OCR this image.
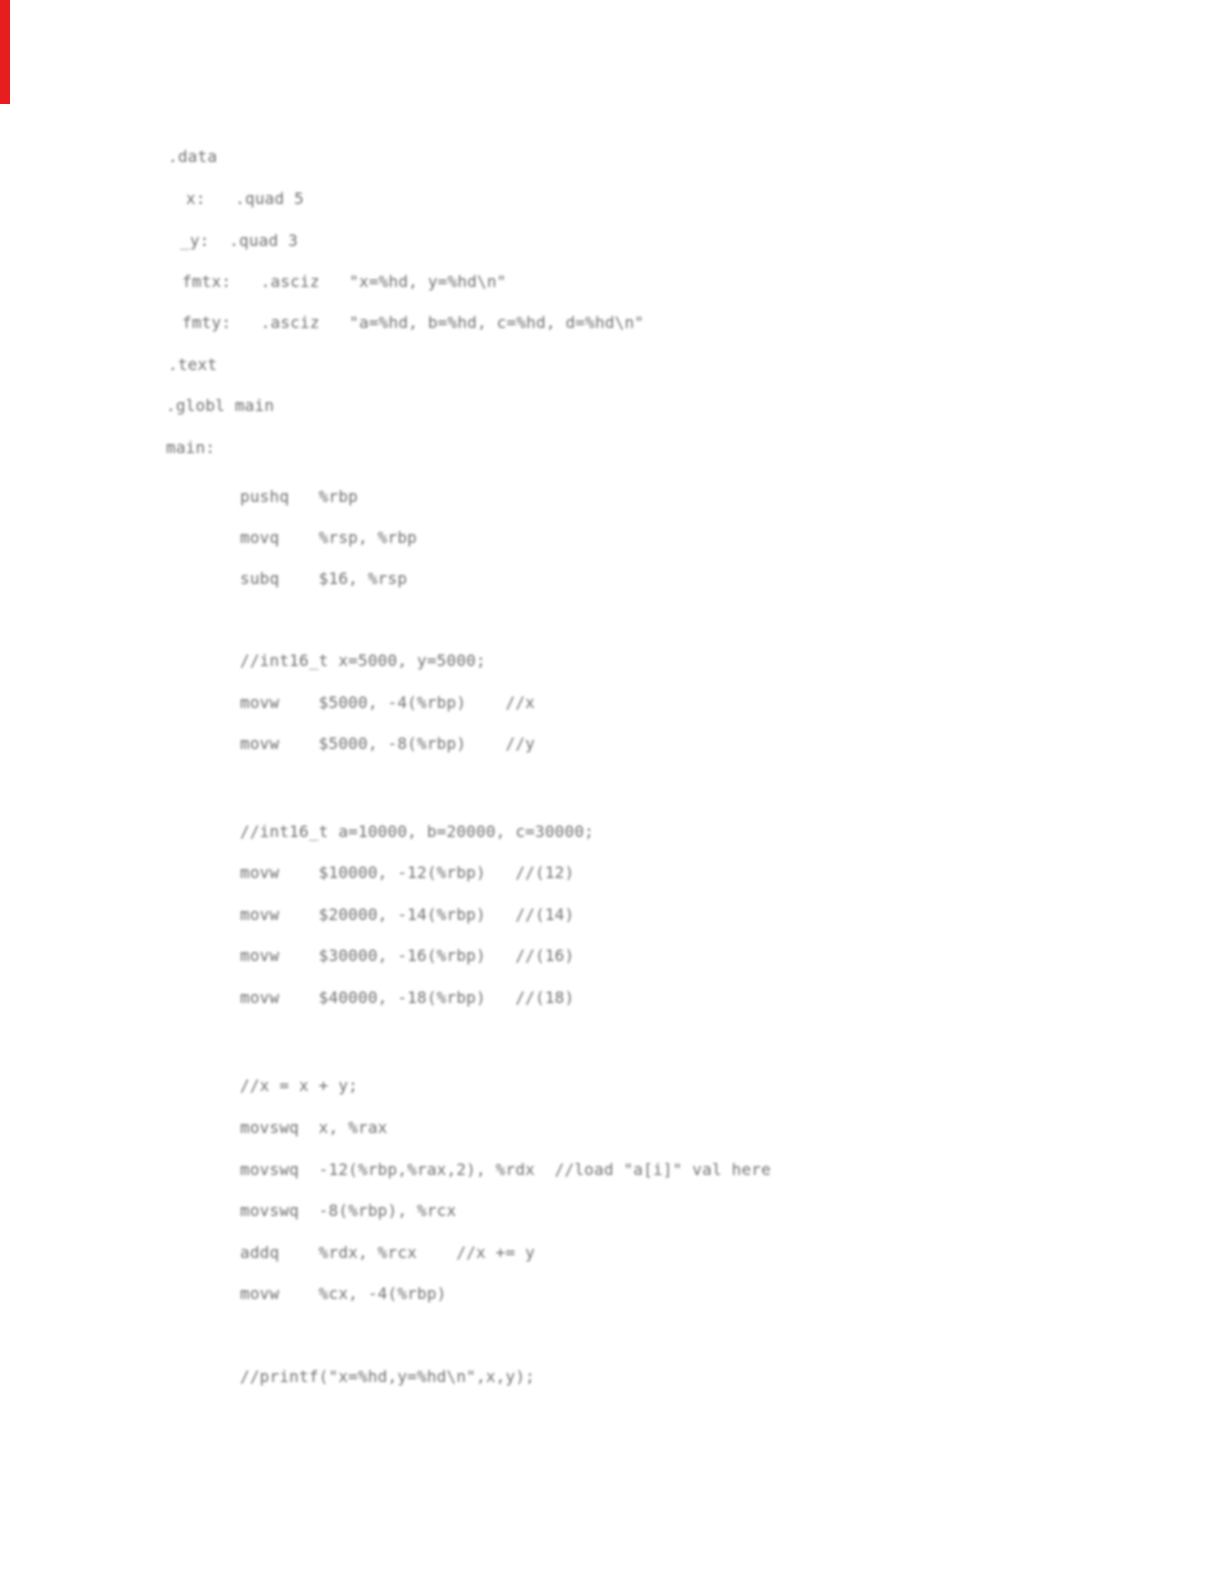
.data
x:   .quad 5
_y:  .quad 3
fmtx:   .asciz   "x=%hd, y=%hd\n"
fmty:   .asciz   "a=%hd, b=%hd, c=%hd, d=%hd\n"
.text
.globl main
main:
pushq   %rbp
movq    %rsp, %rbp
subq    $16, %rsp
//int16_t x=5000, y=5000;
movw    $5000, -4(%rbp)    //x
movw    $5000, -8(%rbp)    //y
//int16_t a=10000, b=20000, c=30000;
movw    $10000, -12(%rbp)   //(12)
movw    $20000, -14(%rbp)   //(14)
movw    $30000, -16(%rbp)   //(16)
movw    $40000, -18(%rbp)   //(18)
//x = x + y;
movswq  x, %rax
movswq  -12(%rbp,%rax,2), %rdx  //load "a[i]" val here
movswq  -8(%rbp), %rcx
addq    %rdx, %rcx    //x += y
movw    %cx, -4(%rbp)
//printf("x=%hd,y=%hd\n",x,y);
